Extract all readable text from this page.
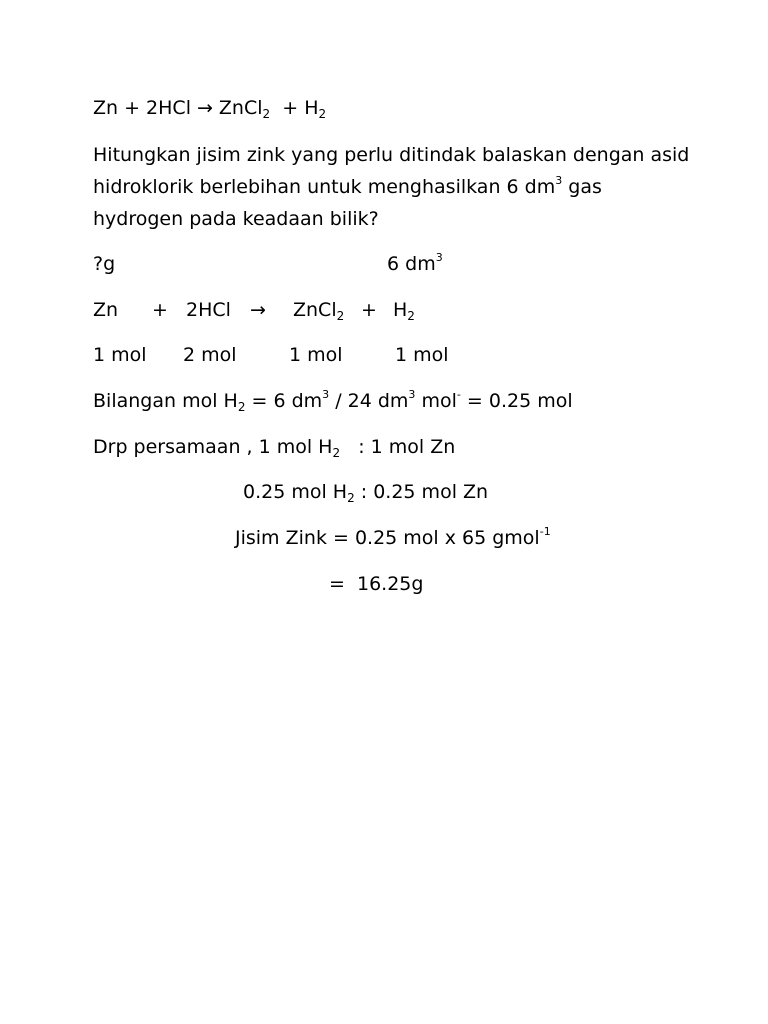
Zn + 2HCl → ZnCl$_2$ + $H_2$
Hitungkan jisim zink yang perlu ditindak balaskan dengan asid
hidroklorik berlebihan untuk menghasilkan 6 $dm^3$ gas
hydrogen pada keadaan bilik?
?g	6 $dm^3$
Zn + 2HCl → ZnCl$_2$ + $H_2$
1 mol 2 mol	1 mol	1 mol
Bilangan mol $H_2 = 6$ $dm^3 / 24$ $dm^3$ mol- = 0.25 mol
Drp persamaan , 1 mol $H_2$   : 1 mol Zn
0.25 mol $H_2$ : 0.25 mol Zn
Jisim Zink = 0.25 mol x 65 gmol$^{-1}$
=  16.25g
